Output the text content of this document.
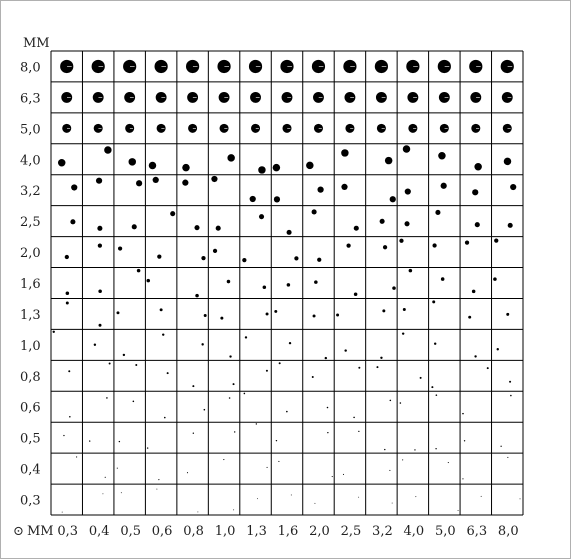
ММ
8,0
6,3
5,0
4,0
3,2
2,5
2,0
1,6
1,3
1,0
0,8
0,6
0,5
0,4
0,3
⊙ ММ 0,3 0,4 0,5 0,6 0,8 1,0 1,3 1,6 2,0 2,5 3,2 4,0 5,0 6,3 8,0
